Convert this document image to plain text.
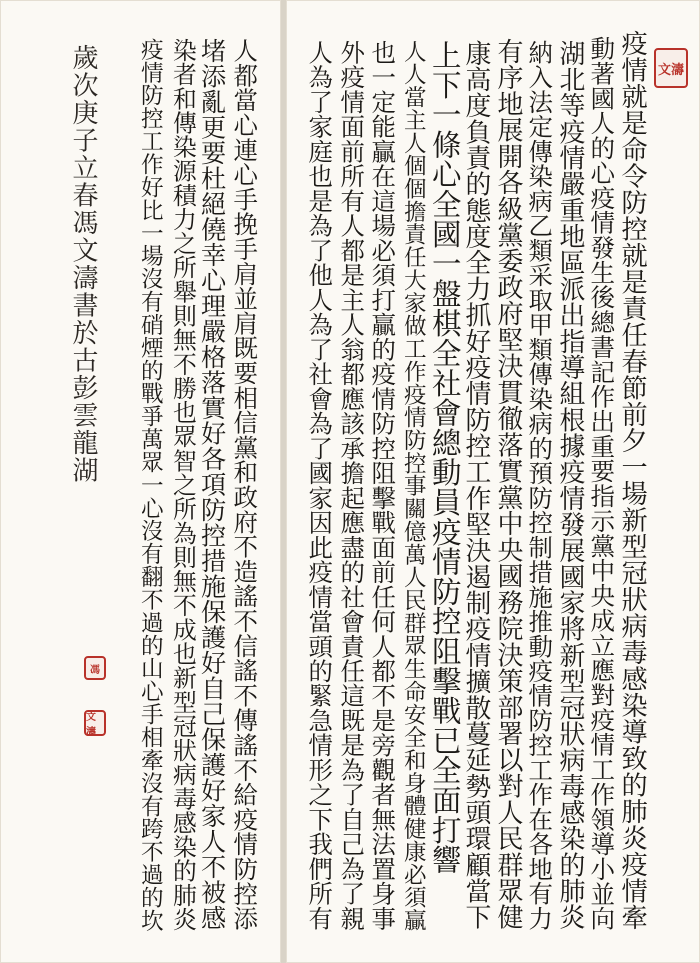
疫情就是命令防控就是責任春節前夕一場新型冠狀病毒感染導致的肺炎疫情牽
動著國人的心疫情發生後總書記作出重要指示黨中央成立應對疫情工作領導小並向
湖北等疫情嚴重地區派出指導組根據疫情發展國家將新型冠狀病毒感染的肺炎
納入法定傳染病乙類采取甲類傳染病的預防控制措施推動疫情防控工作在各地有力
有序地展開各級黨委政府堅決貫徹落實黨中央國務院決策部署以對人民群眾健
康高度負責的態度全力抓好疫情防控工作堅決遏制疫情擴散蔓延勢頭環顧當下
上下一條心全國一盤棋全社會總動員疫情防控阻擊戰已全面打響
人人當主人個個擔責任大家做工作疫情防控事關億萬人民群眾生命安全和身體健康必須贏
也一定能贏在這場必須打贏的疫情防控阻擊戰面前任何人都不是旁觀者無法置身事
外疫情面前所有人都是主人翁都應該承擔起應盡的社會責任這既是為了自己為了親
人為了家庭也是為了他人為了社會為了國家因此疫情當頭的緊急情形之下我們所有
人都當心連心手挽手肩並肩既要相信黨和政府不造謠不信謠不傳謠不給疫情防控添
堵添亂更要杜絕僥幸心理嚴格落實好各項防控措施保護好自己保護好家人不被感
染者和傳染源積力之所舉則無不勝也眾智之所為則無不成也新型冠狀病毒感染的肺炎
疫情防控工作好比一場沒有硝煙的戰爭萬眾一心沒有翻不過的山心手相牽沒有跨不過的坎
歲次庚子立春馮文濤書於古彭雲龍湖	文濤
馮
文濤
